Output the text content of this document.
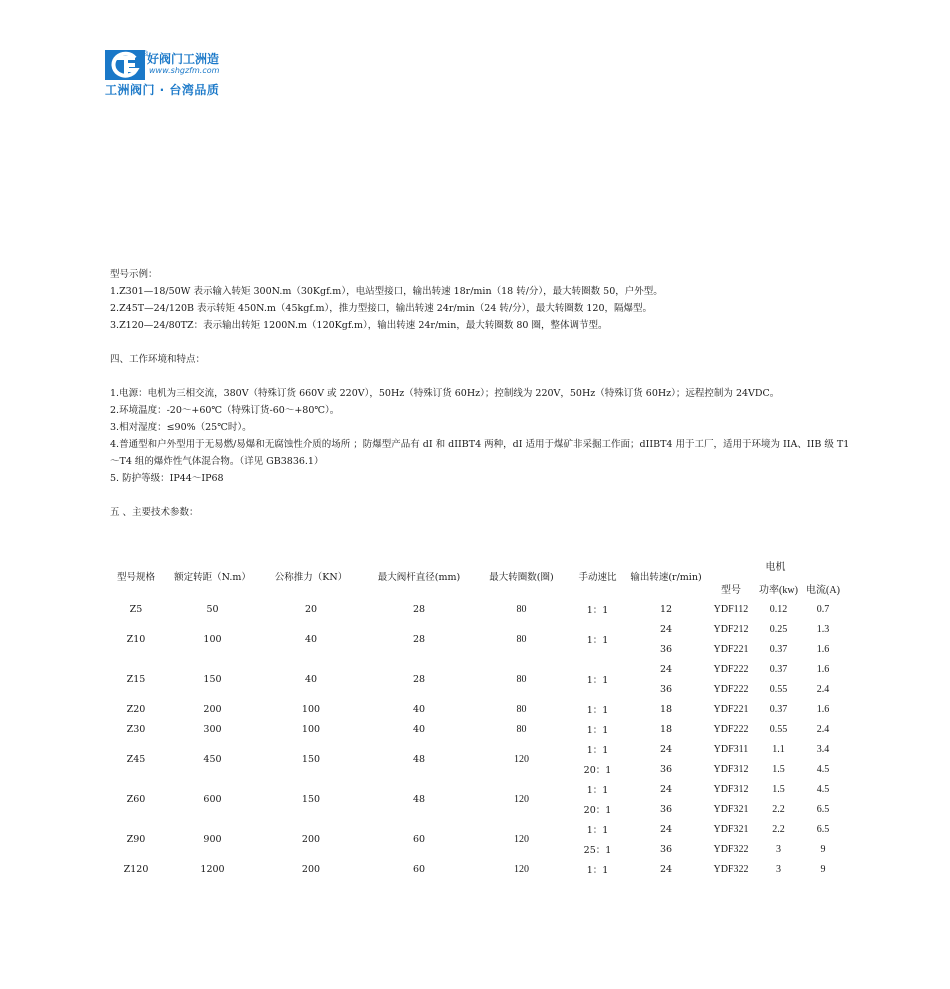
®
好阀门工洲造
www.shgzfm.com
工洲阀门 · 台湾品质

型号示例：

1.Z301—18/50W 表示输入转矩 300N.m（30Kgf.m），电站型接口，输出转速 18r/min（18 转/分），最大转圈数 50，户外型。

2.Z45T—24/120B 表示转矩 450N.m（45kgf.m），推力型接口，输出转速 24r/min（24 转/分），最大转圈数 120，隔爆型。

3.Z120—24/80TZ：表示输出转矩 1200N.m（120Kgf.m），输出转速 24r/min，最大转圈数 80 圈，整体调节型。

四、工作环境和特点：

1.电源：电机为三相交流，380V（特殊订货 660V 或 220V），50Hz（特殊订货 60Hz）；控制线为 220V，50Hz（特殊订货 60Hz）；远程控制为 24VDC。

2.环境温度：-20～+60℃（特殊订货-60～+80℃）。

3.相对湿度：≤90%（25℃时）。

4.普通型和户外型用于无易燃/易爆和无腐蚀性介质的场所 ；防爆型产品有 dI 和 dIIBT4 两种，dI 适用于煤矿非采掘工作面；dIIBT4 用于工厂，适用于环境为 IIA、IIB 级 T1～T4 组的爆炸性气体混合物。（详见 GB3836.1）

5. 防护等级：IP44～IP68

五 、主要技术参数：

型号规格	额定转距（N.m）	公称推力（KN）	最大阀杆直径(mm)	最大转圈数(圈)	手动速比	输出转速(r/min)	电机		
							型号	功率(kw)	电流(A)
Z5	50	20	28	80	1：1	12	YDF112	0.12	0.7
Z10	100	40	28	80	1：1	24	YDF212	0.25	1.3
						36	YDF221	0.37	1.6
Z15	150	40	28	80	1：1	24	YDF222	0.37	1.6
						36	YDF222	0.55	2.4
Z20	200	100	40	80	1：1	18	YDF221	0.37	1.6
Z30	300	100	40	80	1：1	18	YDF222	0.55	2.4
Z45	450	150	48	120	1：1	24	YDF311	1.1	3.4
					20：1	36	YDF312	1.5	4.5
Z60	600	150	48	120	1：1	24	YDF312	1.5	4.5
					20：1	36	YDF321	2.2	6.5
Z90	900	200	60	120	1：1	24	YDF321	2.2	6.5
					25：1	36	YDF322	3	9
Z120	1200	200	60	120	1：1	24	YDF322	3	9
